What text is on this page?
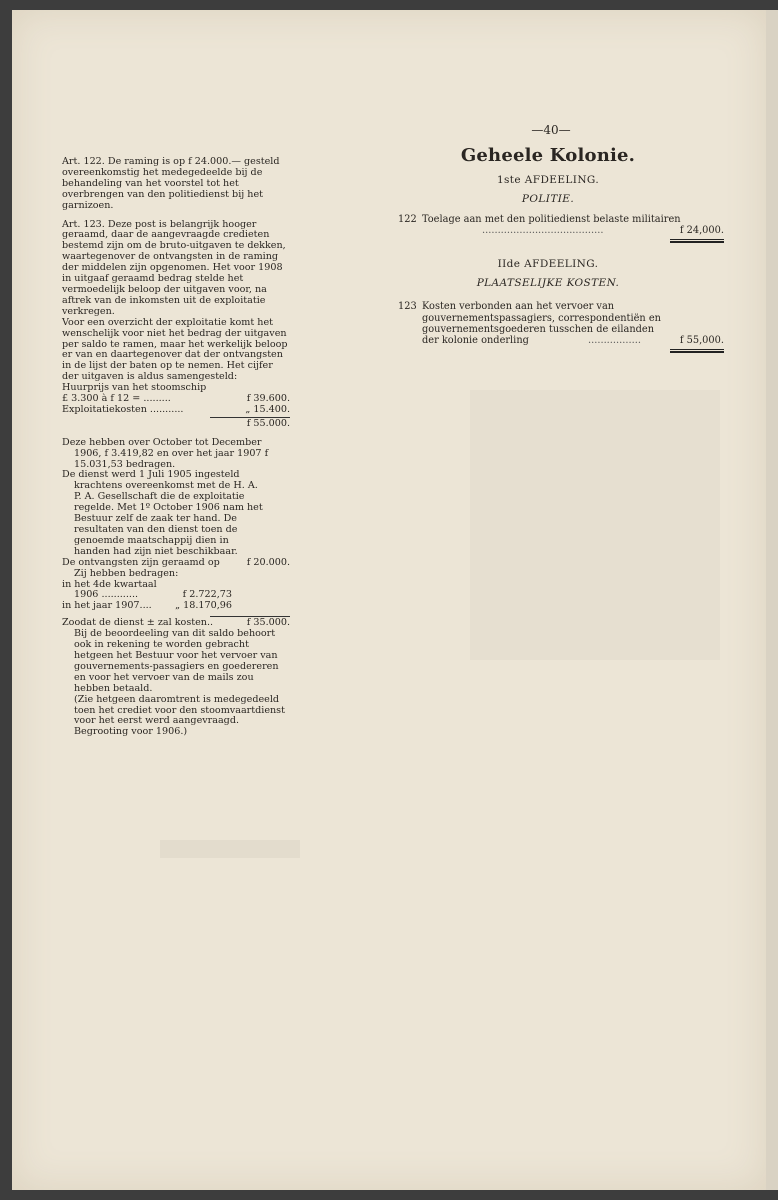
Art. 122. De raming is op f 24.000.— gesteld overeenkomstig het medegedeelde bij de behandeling van het voorstel tot het overbrengen van den politiedienst bij het garnizoen.

Art. 123. Deze post is belangrijk hooger geraamd, daar de aangevraagde credieten bestemd zijn om de bruto-uitgaven te dekken, waartegenover de ontvangsten in de raming der middelen zijn opgenomen. Het voor 1908 in uitgaaf geraamd bedrag stelde het vermoedelijk beloop der uitgaven voor, na aftrek van de inkomsten uit de exploitatie verkregen.

Voor een overzicht der exploitatie komt het wenschelijk voor niet het bedrag der uitgaven per saldo te ramen, maar het werkelijk beloop er van en daartegenover dat der ontvangsten in de lijst der baten op te nemen. Het cijfer der uitgaven is aldus samengesteld:

Huurprijs van het stoomschip

£ 3.300 à f 12 = .........	f 39.600.
Exploitatiekosten ...........	„ 15.400.
f 55.000.

Deze hebben over October tot December 1906, f 3.419,82 en over het jaar 1907 f 15.031,53 bedragen.

De dienst werd 1 Juli 1905 ingesteld krachtens overeenkomst met de H. A. P. A. Gesellschaft die de exploitatie regelde. Met 1º October 1906 nam het Bestuur zelf de zaak ter hand. De resultaten van den dienst toen de genoemde maatschappij dien in handen had zijn niet beschikbaar.

De ontvangsten zijn geraamd op	f 20.000.

Zij hebben bedragen:

in het 4de kwartaal

1906 ............	f 2.722,73
in het jaar 1907.... „ 18.170,96
Zoodat de dienst ± zal kosten..	f 35.000.

Bij de beoordeeling van dit saldo behoort ook in rekening te worden gebracht hetgeen het Bestuur voor het vervoer van gouvernements-passagiers en goedereren en voor het vervoer van de mails zou hebben betaald.

(Zie hetgeen daaromtrent is medegedeeld toen het crediet voor den stoomvaartdienst voor het eerst werd aangevraagd. Begrooting voor 1906.)

—40—
Geheele Kolonie.
1ste AFDEELING.
POLITIE.
122 Toelage aan met den politiedienst belaste militairen
.......................................	f 24,000.
IIde AFDEELING.
PLAATSELIJKE KOSTEN.
123 Kosten verbonden aan het vervoer van gouvernementspassagiers, correspondentiën en gouvernementsgoederen tusschen de eilanden der kolonie onderling	.................	f 55,000.
